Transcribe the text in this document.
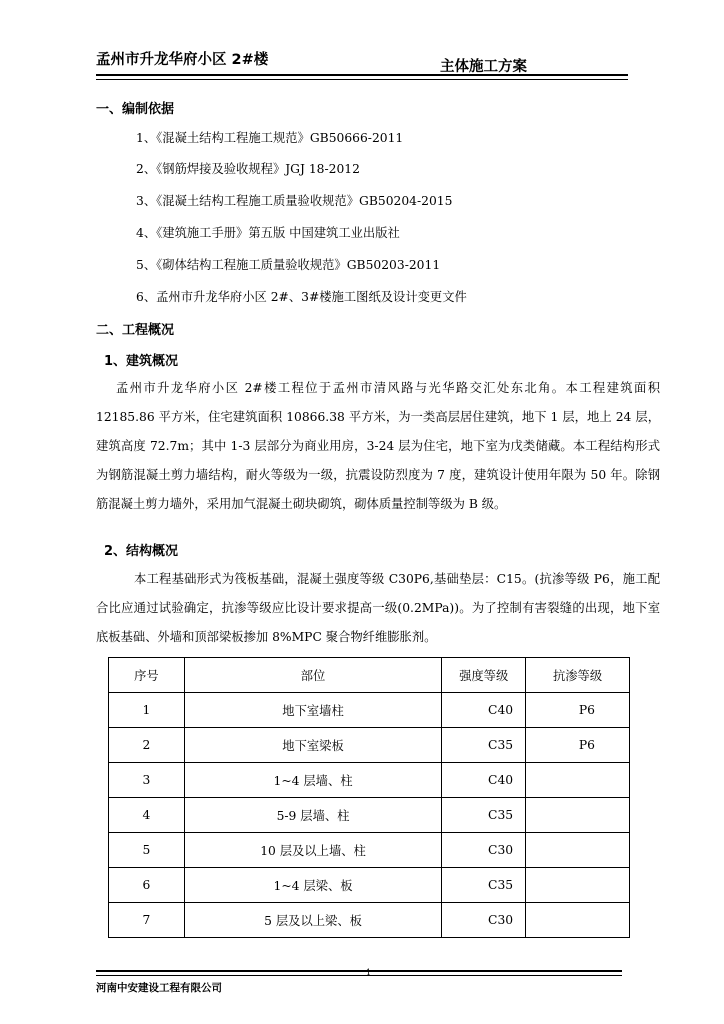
孟州市升龙华府小区 2#楼	主体施工方案
一、编制依据
1、《混凝土结构工程施工规范》GB50666-2011
2、《钢筋焊接及验收规程》JGJ 18-2012
3、《混凝土结构工程施工质量验收规范》GB50204-2015
4、《建筑施工手册》第五版 中国建筑工业出版社
5、《砌体结构工程施工质量验收规范》GB50203-2011
6、孟州市升龙华府小区 2#、3#楼施工图纸及设计变更文件
二、工程概况
1、建筑概况
孟州市升龙华府小区 2#楼工程位于孟州市清风路与光华路交汇处东北角。本工程建筑面积 12185.86 平方米，住宅建筑面积 10866.38 平方米，为一类高层居住建筑，地下 1 层，地上 24 层，建筑高度 72.7m；其中 1-3 层部分为商业用房，3-24 层为住宅，地下室为戊类储藏。本工程结构形式为钢筋混凝土剪力墙结构，耐火等级为一级，抗震设防烈度为 7 度，建筑设计使用年限为 50 年。除钢筋混凝土剪力墙外，采用加气混凝土砌块砌筑，砌体质量控制等级为 B 级。
2、结构概况
本工程基础形式为筏板基础，混凝土强度等级 C30P6,基础垫层：C15。(抗渗等级 P6，施工配合比应通过试验确定，抗渗等级应比设计要求提高一级(0.2MPa))。为了控制有害裂缝的出现，地下室底板基础、外墙和顶部梁板掺加 8%MPC 聚合物纤维膨胀剂。
序号	部位	强度等级	抗渗等级
1	地下室墙柱	C40	P6
2	地下室梁板	C35	P6
3	1~4 层墙、柱	C40	
4	5-9 层墙、柱	C35	
5	10 层及以上墙、柱	C30	
6	1~4 层梁、板	C35	
7	5 层及以上梁、板	C30	
1
河南中安建设工程有限公司
